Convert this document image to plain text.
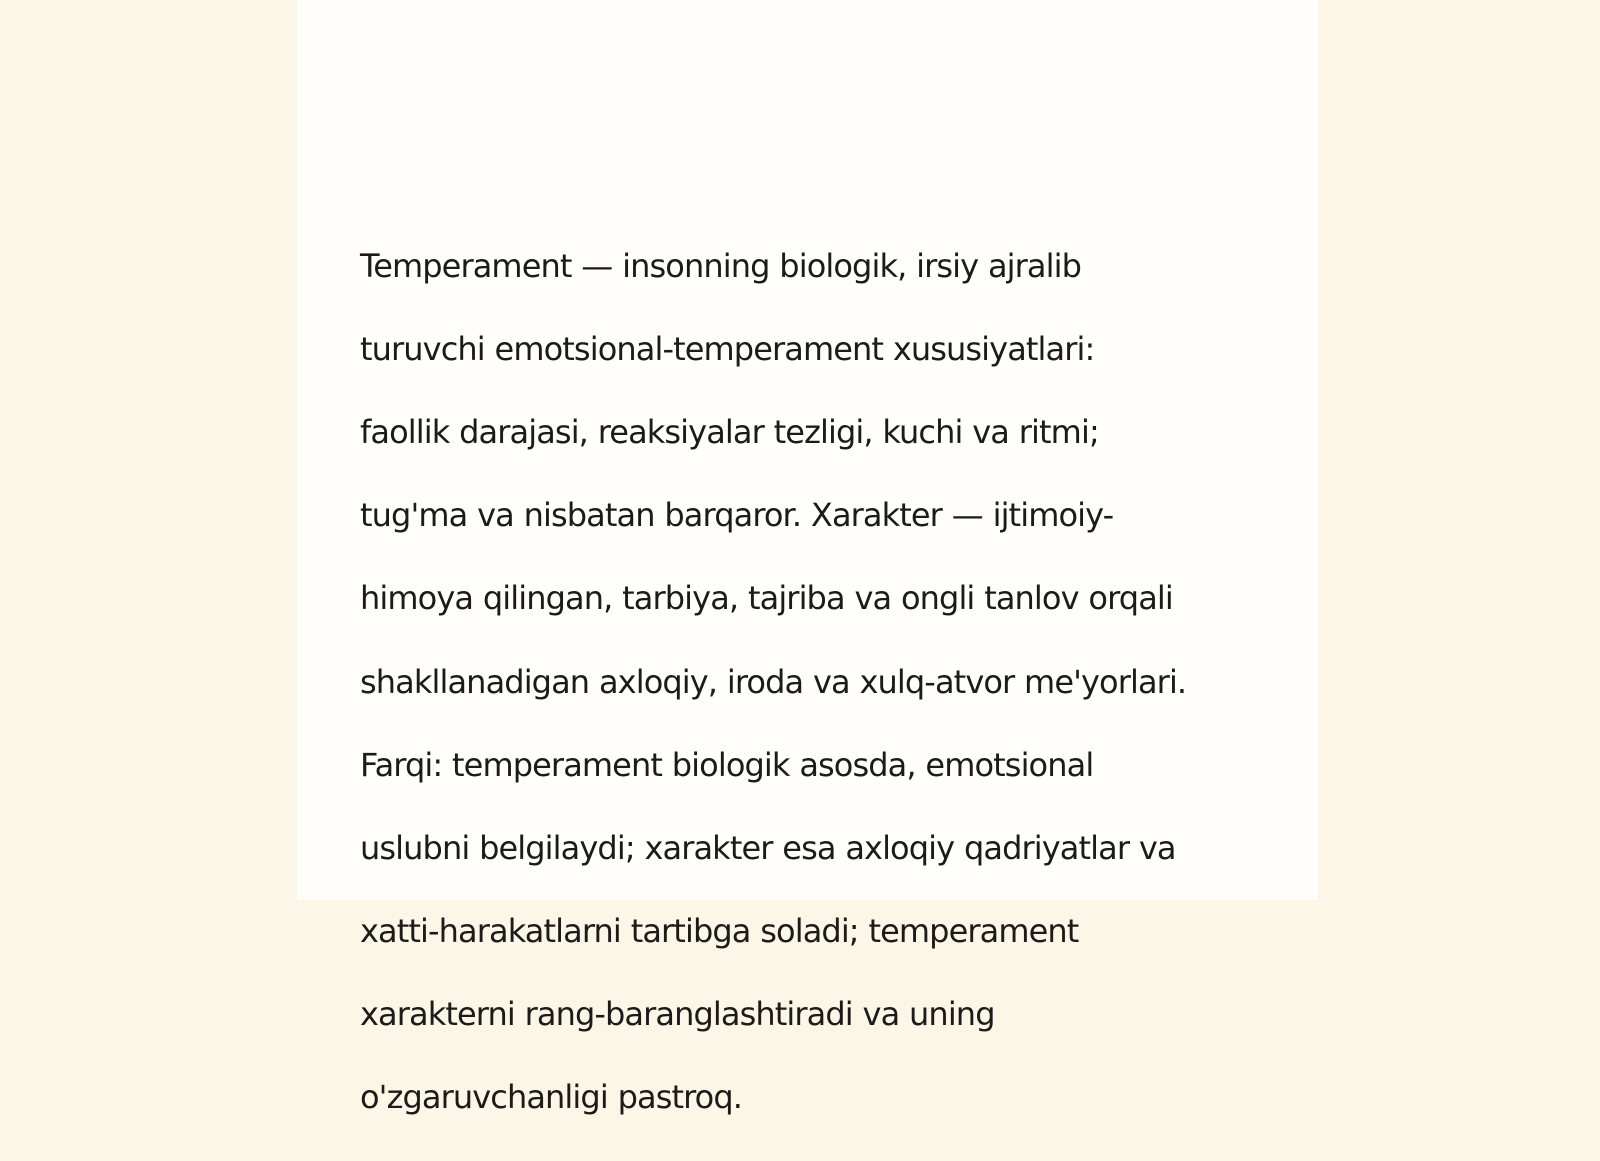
Temperament — insonning biologik, irsiy ajralib

turuvchi emotsional-temperament xususiyatlari:

faollik darajasi, reaksiyalar tezligi, kuchi va ritmi;

tug'ma va nisbatan barqaror. Xarakter — ijtimoiy-

himoya qilingan, tarbiya, tajriba va ongli tanlov orqali

shakllanadigan axloqiy, iroda va xulq-atvor me'yorlari.

Farqi: temperament biologik asosda, emotsional

uslubni belgilaydi; xarakter esa axloqiy qadriyatlar va

xatti-harakatlarni tartibga soladi; temperament

xarakterni rang-baranglashtiradi va uning

o'zgaruvchanligi pastroq.
